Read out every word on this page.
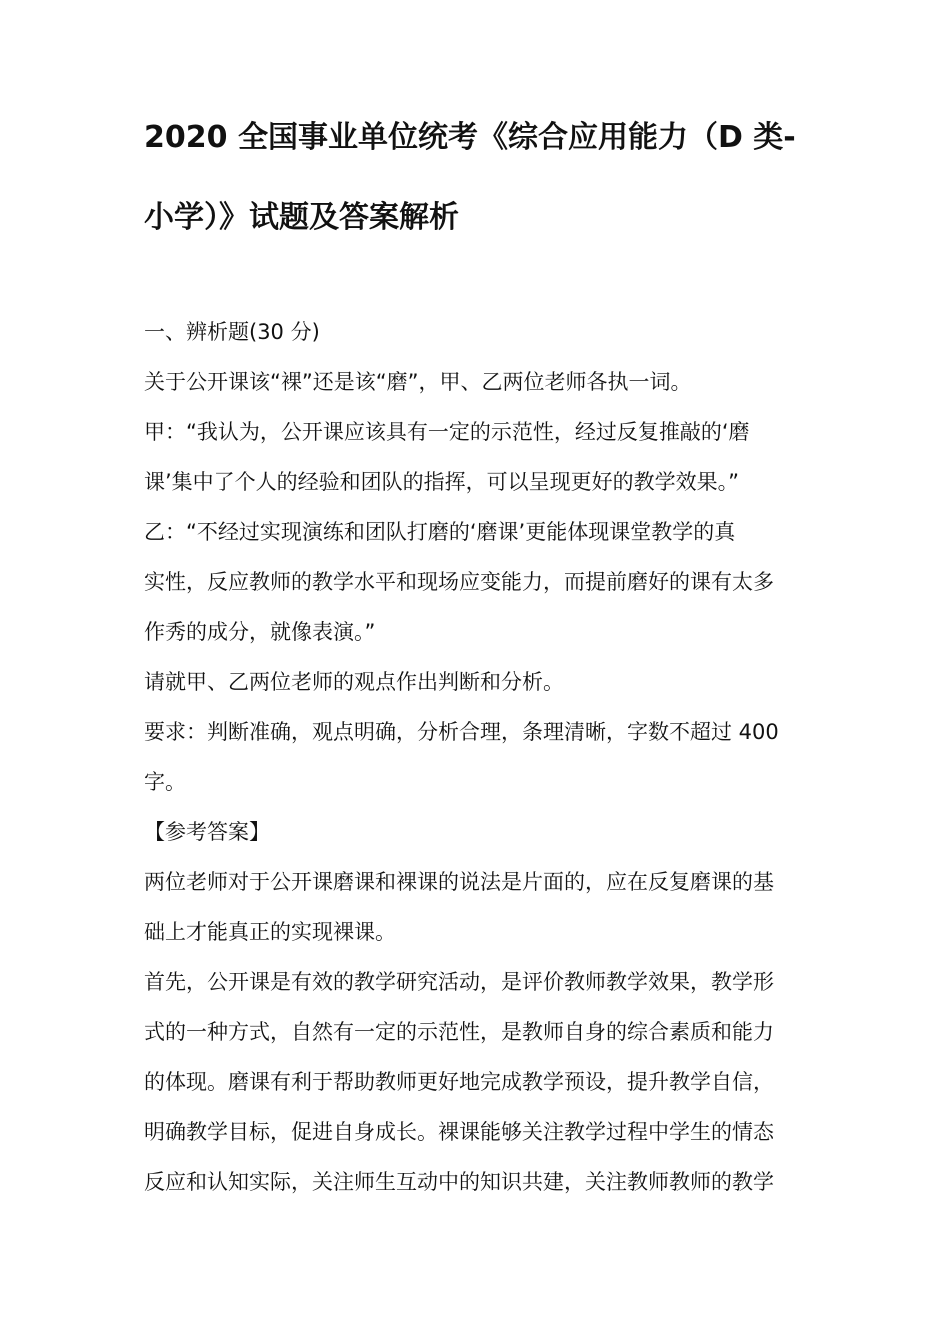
2020 全国事业单位统考《综合应用能力（D 类-
小学）》试题及答案解析
一、辨析题(30 分)
关于公开课该“裸”还是该“磨”，甲、乙两位老师各执一词。
甲：“我认为，公开课应该具有一定的示范性，经过反复推敲的‘磨
课’集中了个人的经验和团队的指挥，可以呈现更好的教学效果。”
乙：“不经过实现演练和团队打磨的‘磨课’更能体现课堂教学的真
实性，反应教师的教学水平和现场应变能力，而提前磨好的课有太多
作秀的成分，就像表演。”
请就甲、乙两位老师的观点作出判断和分析。
要求：判断准确，观点明确，分析合理，条理清晰，字数不超过 400
字。
【参考答案】
两位老师对于公开课磨课和裸课的说法是片面的，应在反复磨课的基
础上才能真正的实现裸课。
首先，公开课是有效的教学研究活动，是评价教师教学效果，教学形
式的一种方式，自然有一定的示范性，是教师自身的综合素质和能力
的体现。磨课有利于帮助教师更好地完成教学预设，提升教学自信，
明确教学目标，促进自身成长。裸课能够关注教学过程中学生的情态
反应和认知实际，关注师生互动中的知识共建，关注教师教师的教学
